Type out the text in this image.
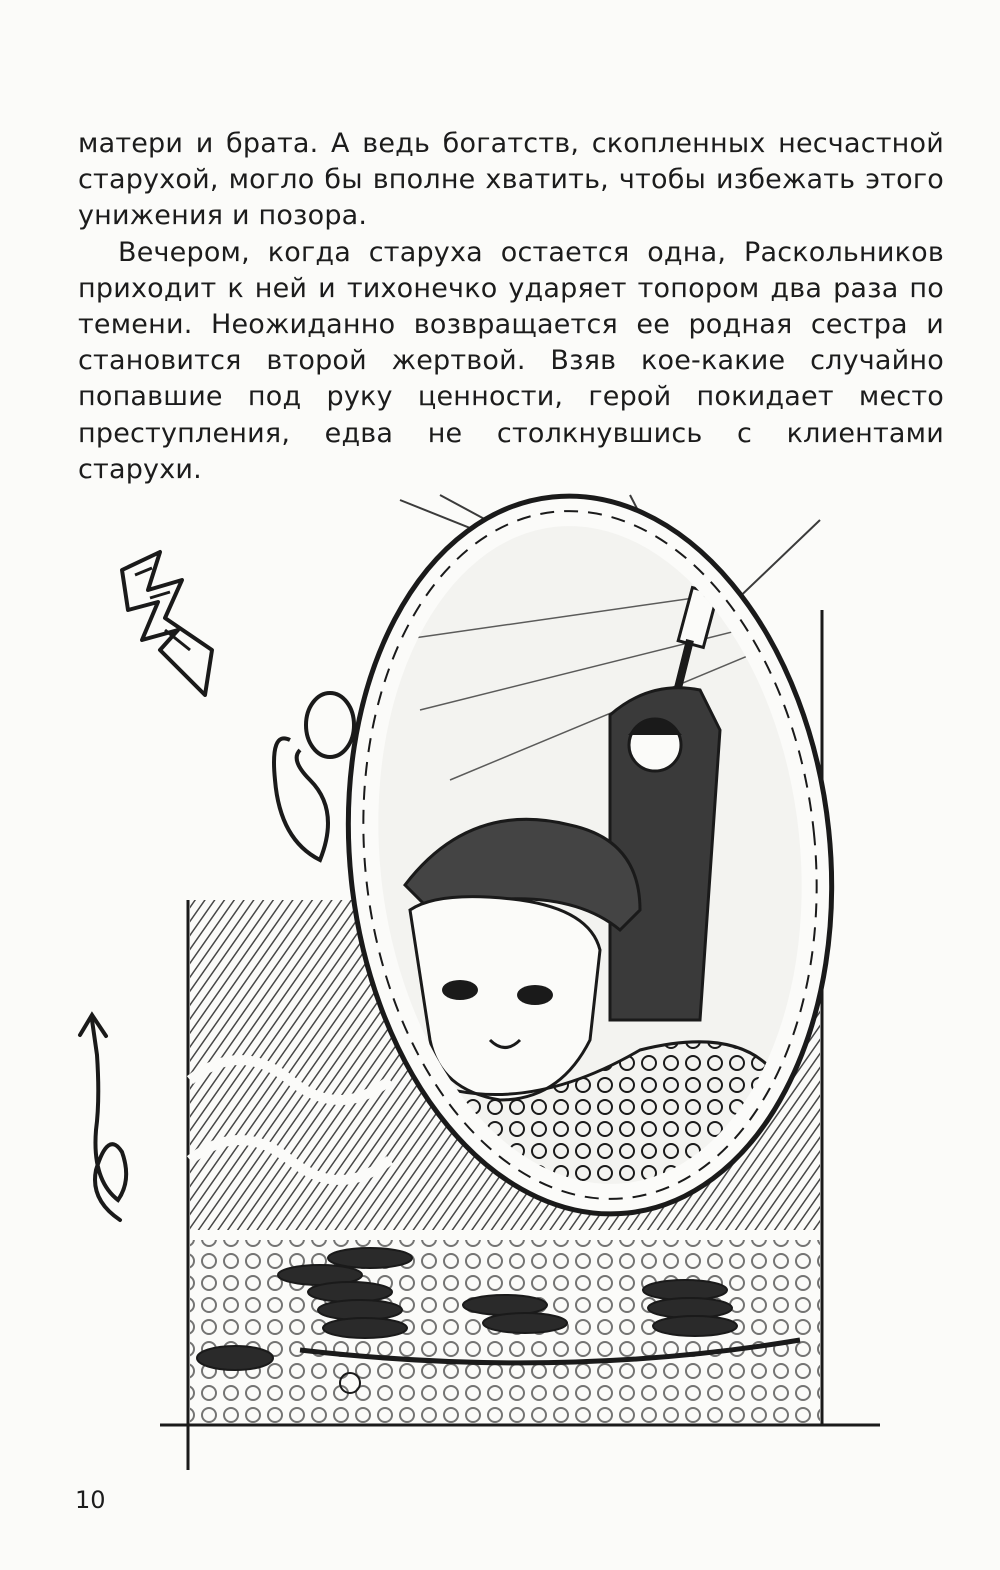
матери и брата. А ведь богатств, скопленных несчастной старухой, могло бы вполне хватить, чтобы избежать этого унижения и позора.

Вечером, когда старуха остается одна, Раскольников приходит к ней и тихонечко ударяет топором два раза по темени. Неожиданно возвращается ее родная сестра и становится второй жертвой. Взяв кое-какие случайно попавшие под руку ценности, герой покидает место преступления, едва не столкнувшись с клиентами старухи.

10
